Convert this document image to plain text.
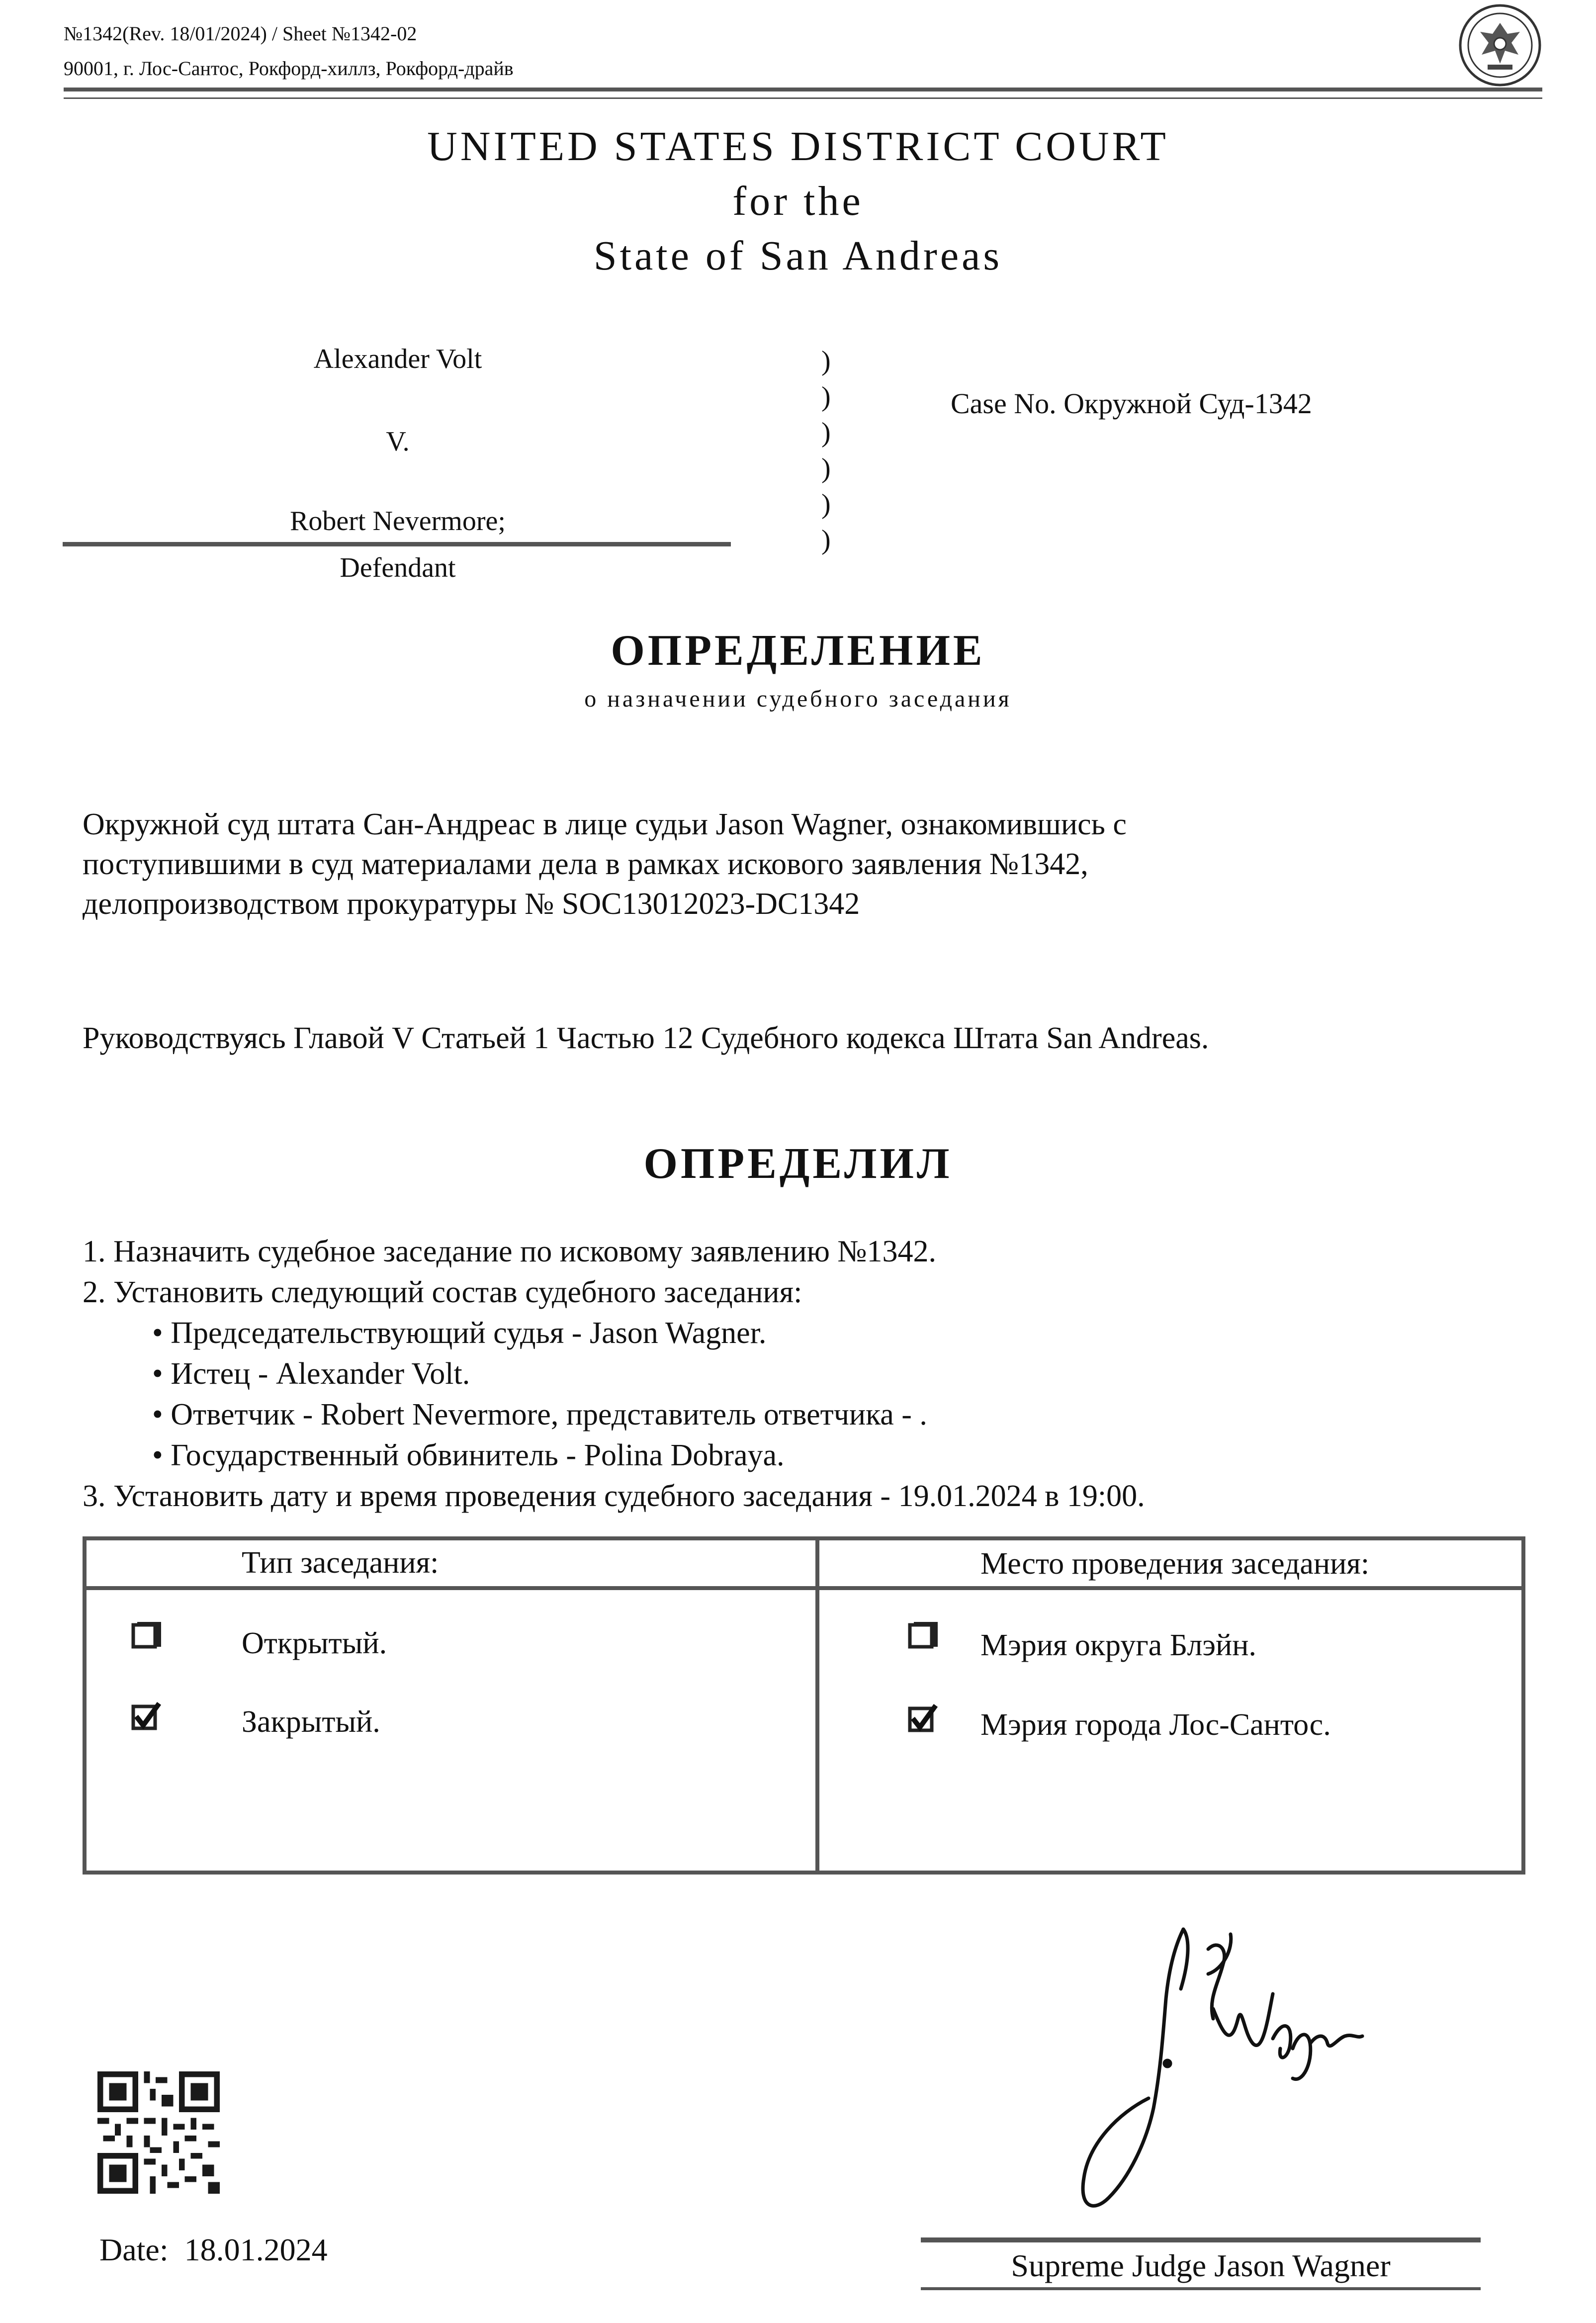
№1342(Rev. 18/01/2024) / Sheet №1342-02
90001, г. Лос-Сантос, Рокфорд-хиллз, Рокфорд-драйв
UNITED STATES DISTRICT COURT
for the
State of San Andreas
Alexander Volt
V.
Robert Nevermore;
Defendant
)
)
)
)
)
)
Case No. Окружной Суд-1342
ОПРЕДЕЛЕНИЕ
о назначении судебного заседания
Окружной суд штата Сан-Андреас в лице судьи Jason Wagner, ознакомившись с
поступившими в суд материалами дела в рамках искового заявления №1342,
делопроизводством прокуратуры № SOC13012023-DC1342
Руководствуясь Главой V Статьей 1 Частью 12 Судебного кодекса Штата San Andreas.
ОПРЕДЕЛИЛ
1. Назначить судебное заседание по исковому заявлению №1342.
2. Установить следующий состав судебного заседания:
• Председательствующий судья - Jason Wagner.
• Истец - Alexander Volt.
• Ответчик - Robert Nevermore, представитель ответчика - .
• Государственный обвинитель - Polina Dobraya.
3. Установить дату и время проведения судебного заседания - 19.01.2024 в 19:00.
Тип заседания:	Место проведения заседания:
Открытый.
Закрытый.
Мэрия округа Блэйн.
Мэрия города Лос-Сантос.
Date: 18.01.2024	Supreme Judge Jason Wagner
